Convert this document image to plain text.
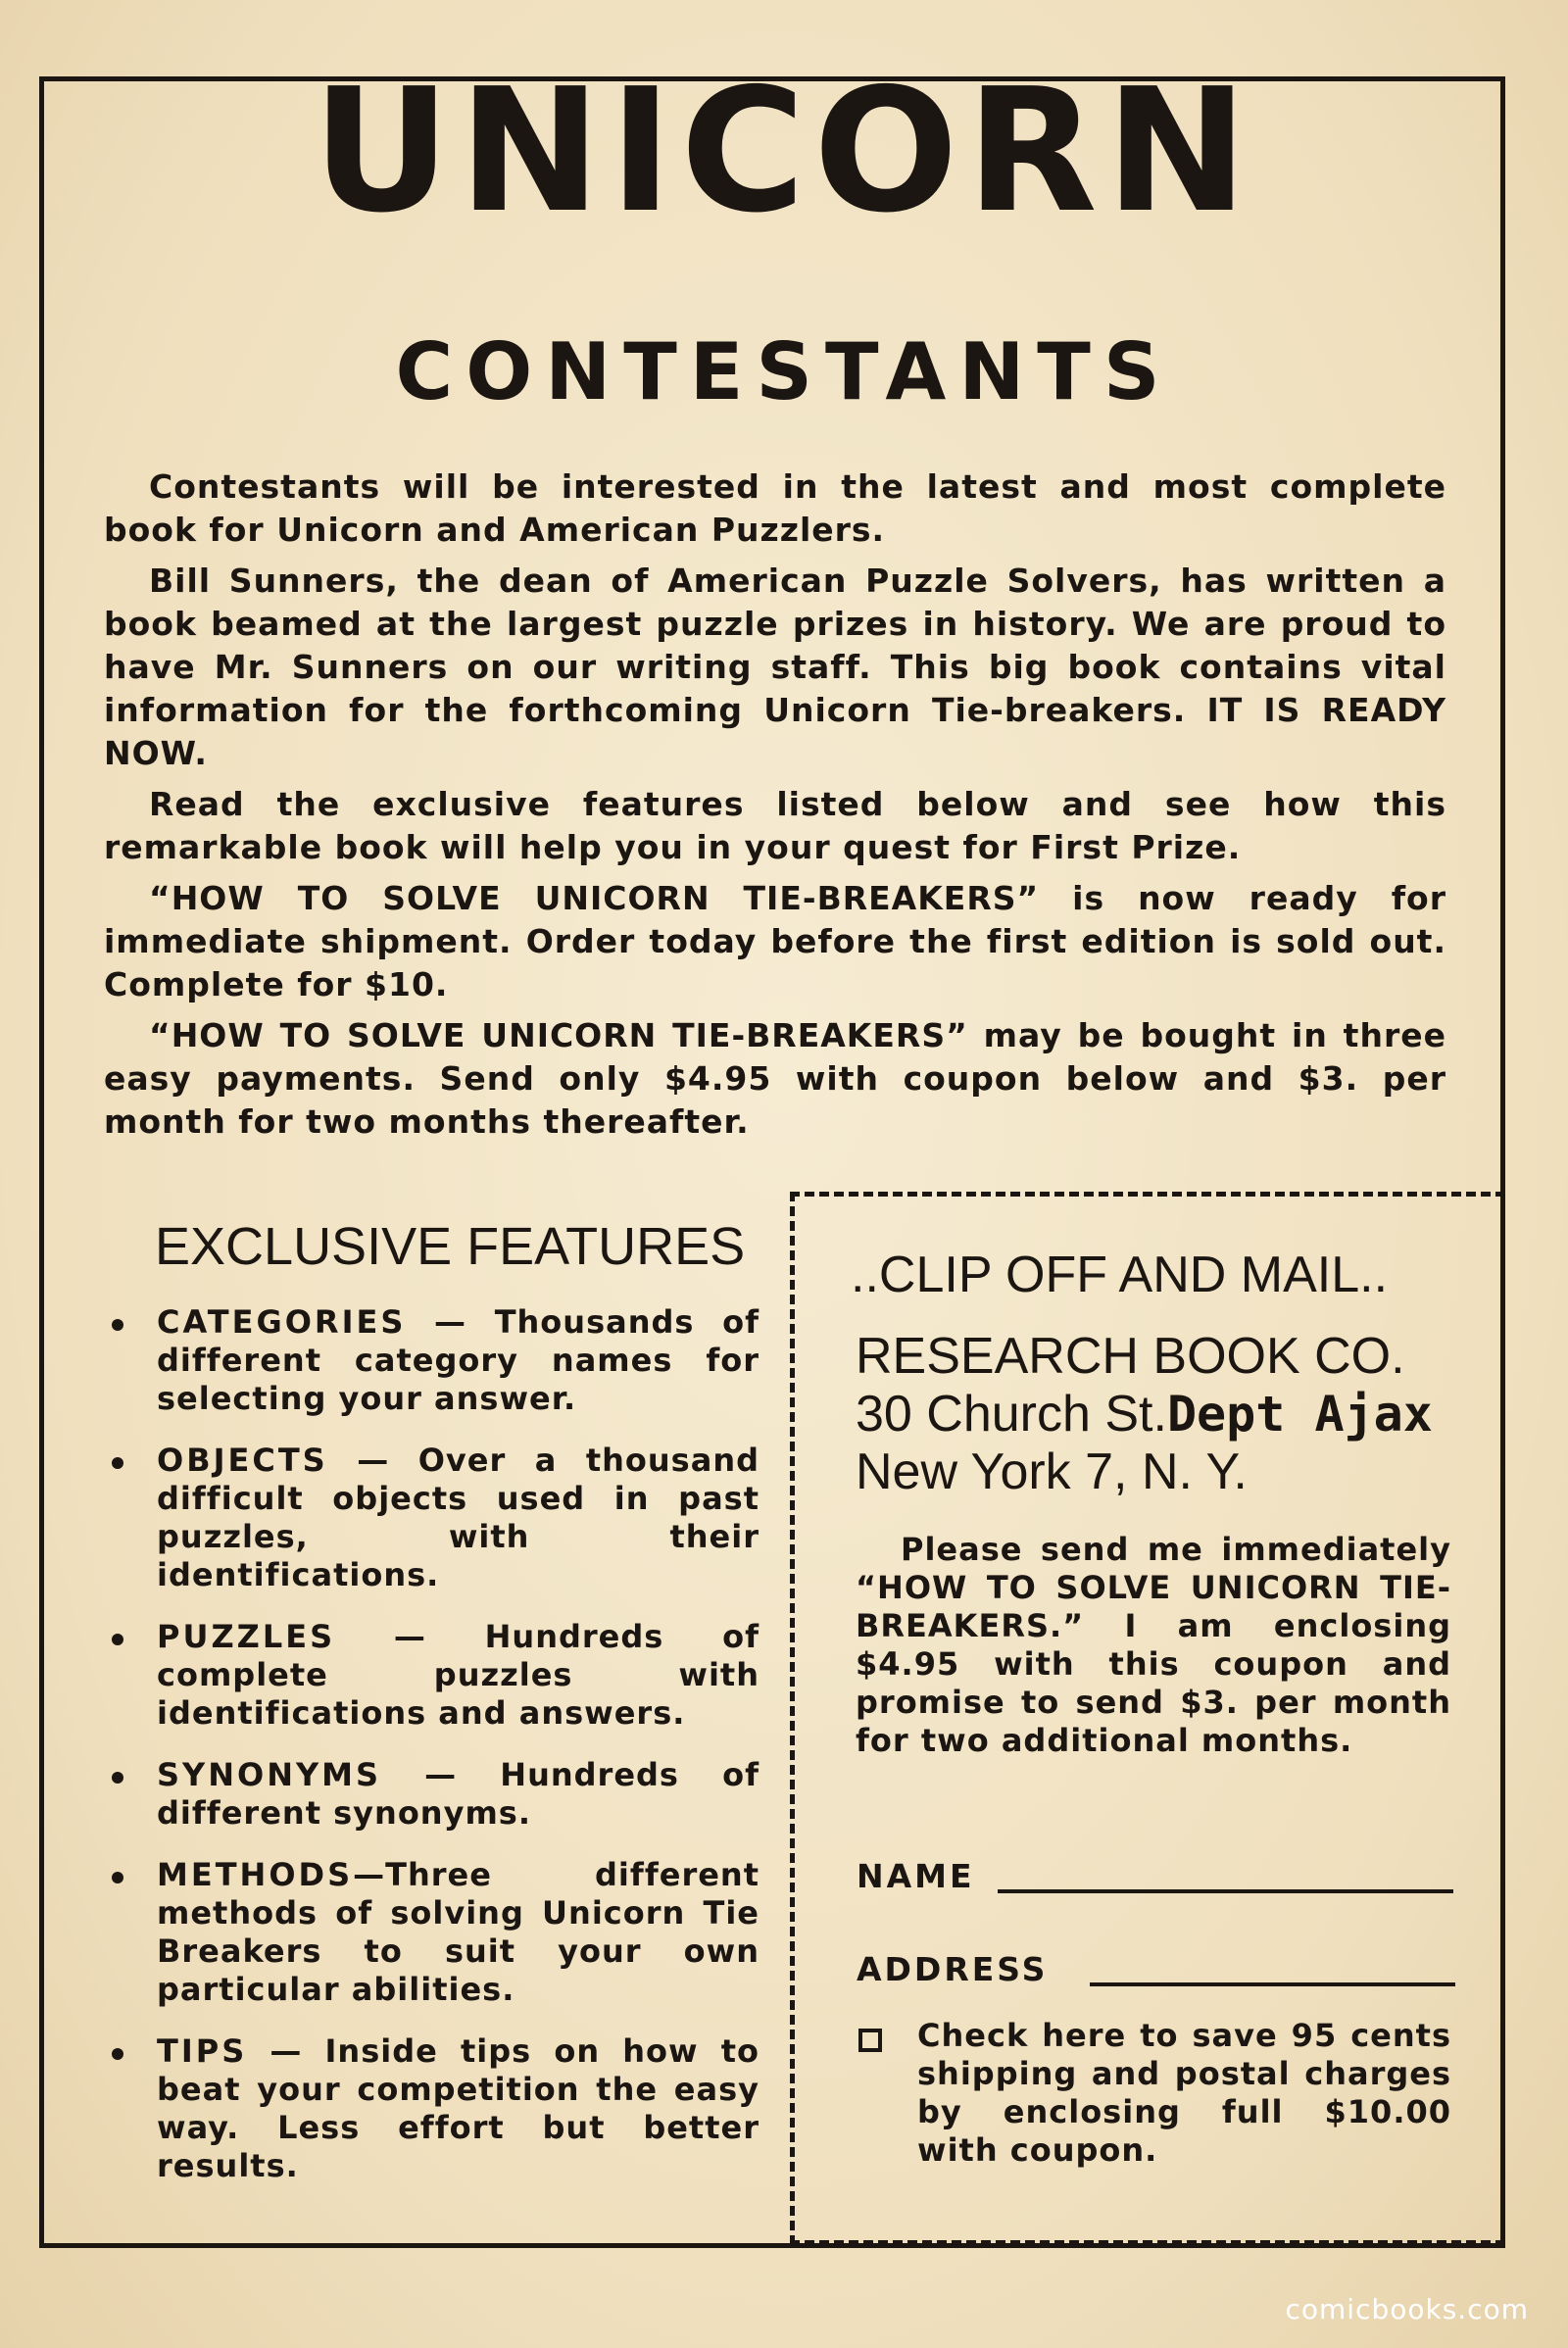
UNICORN
CONTESTANTS

Contestants will be interested in the latest and most complete book for Unicorn and American Puzzlers.

Bill Sunners, the dean of American Puzzle Solvers, has written a book beamed at the largest puzzle prizes in history. We are proud to have Mr. Sunners on our writing staff. This big book contains vital information for the forthcoming Unicorn Tie-breakers. IT IS READY NOW.

Read the exclusive features listed below and see how this remarkable book will help you in your quest for First Prize.

“HOW TO SOLVE UNICORN TIE-BREAKERS” is now ready for immediate shipment. Order today before the first edition is sold out. Complete for $10.

“HOW TO SOLVE UNICORN TIE-BREAKERS” may be bought in three easy payments. Send only $4.95 with coupon below and $3. per month for two months thereafter.

EXCLUSIVE FEATURES
CATEGORIES — Thousands of different category names for selecting your answer.
OBJECTS — Over a thousand difficult objects used in past puzzles, with their identifications.
PUZZLES — Hundreds of complete puzzles with identifications and answers.
SYNONYMS — Hundreds of different synonyms.
METHODS—Three different methods of solving Unicorn Tie Breakers to suit your own particular abilities.
TIPS — Inside tips on how to beat your competition the easy way. Less effort but better results.
..CLIP OFF AND MAIL..
RESEARCH BOOK CO.
30 Church St.Dept Ajax
New York 7, N. Y.
Please send me immediately “HOW TO SOLVE UNICORN TIE-BREAKERS.” I am enclosing $4.95 with this coupon and promise to send $3. per month for two additional months.
NAME
ADDRESS
Check here to save 95 cents shipping and postal charges by enclosing full $10.00 with coupon.
comicbooks.com
